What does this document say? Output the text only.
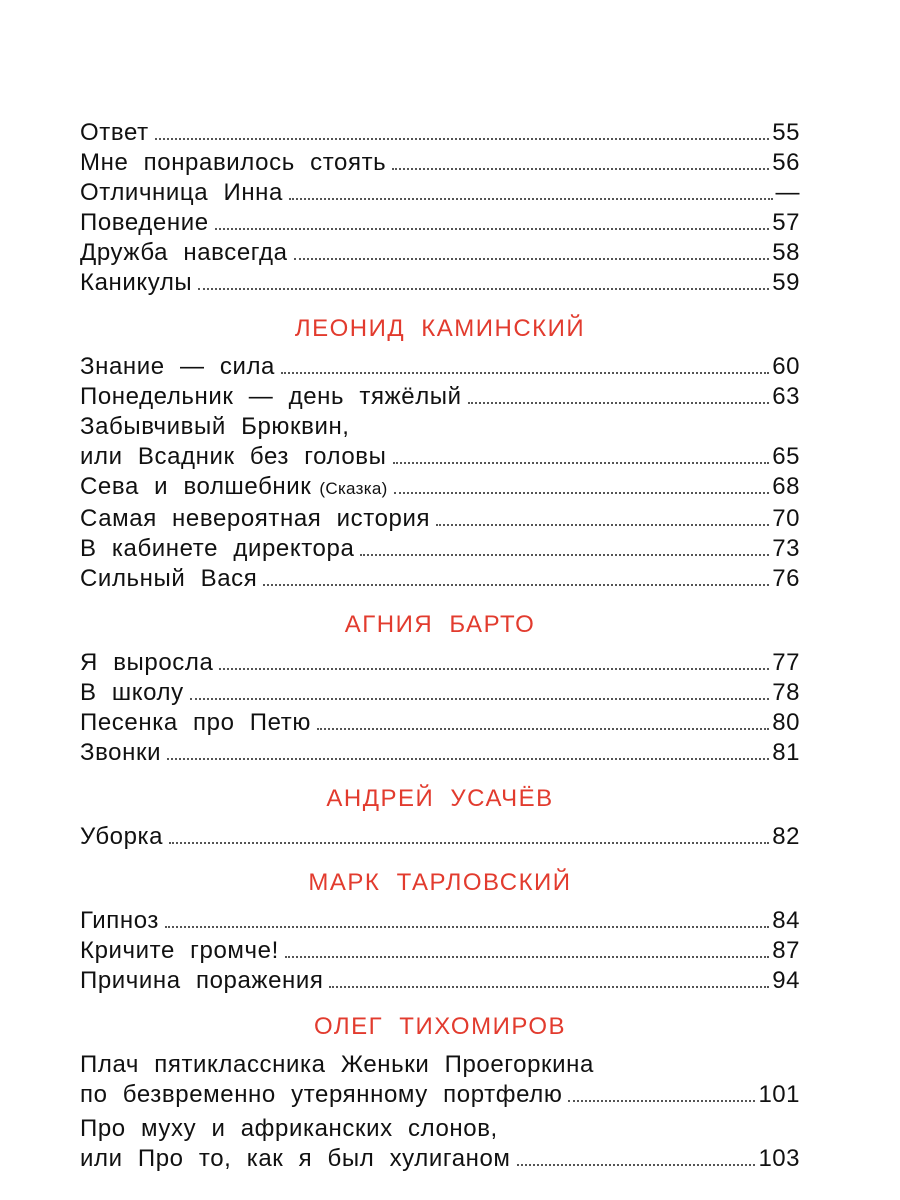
Ответ	55
Мне понравилось стоять	56
Отличница Инна	—
Поведение	57
Дружба навсегда	58
Каникулы	59
ЛЕОНИД КАМИНСКИЙ
Знание — сила	60
Понедельник — день тяжёлый	63
Забывчивый Брюквин,
или Всадник без головы	65
Сева и волшебник (Сказка)	68
Самая невероятная история	70
В кабинете директора	73
Сильный Вася	76
АГНИЯ БАРТО
Я выросла	77
В школу	78
Песенка про Петю	80
Звонки	81
АНДРЕЙ УСАЧЁВ
Уборка	82
МАРК ТАРЛОВСКИЙ
Гипноз	84
Кричите громче!	87
Причина поражения	94
ОЛЕГ ТИХОМИРОВ
Плач пятиклассника Женьки Проегоркина
по безвременно утерянному портфелю	101
Про муху и африканских слонов,
или Про то, как я был хулиганом	103
